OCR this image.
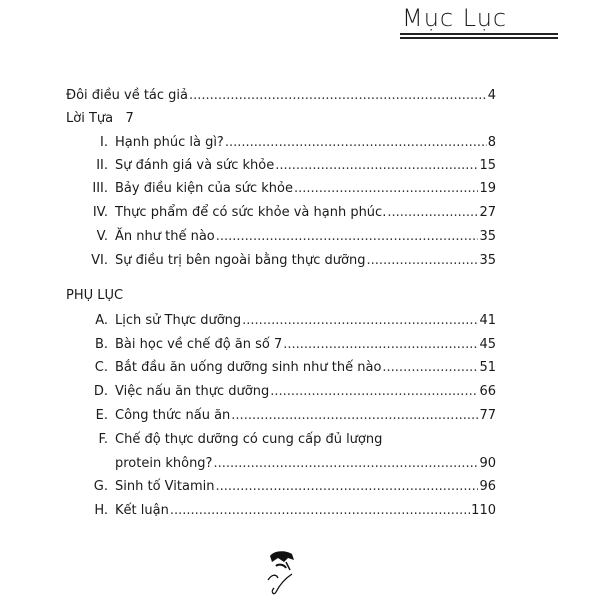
Mục Lục
Đôi điều về tác giả .....	4
Lời Tựa 7
I. Hạnh phúc là gì? .....	8
II. Sự đánh giá và sức khỏe .....	15
III. Bảy điều kiện của sức khỏe .....	19
IV. Thực phẩm để có sức khỏe và hạnh phúc. .....	27
V. Ăn như thế nào .....	35
VI. Sự điều trị bên ngoài bằng thực dưỡng .....	35
PHỤ LỤC
A. Lịch sử Thực dưỡng .....	41
B. Bài học về chế độ ăn số 7 .....	45
C. Bắt đầu ăn uống dưỡng sinh như thế nào .....	51
D. Việc nấu ăn thực dưỡng .....	66
E. Công thức nấu ăn .....	77
F. Chế độ thực dưỡng có cung cấp đủ lượng
protein không? .....	90
G. Sinh tố Vitamin .....	96
H. Kết luận .....	110
